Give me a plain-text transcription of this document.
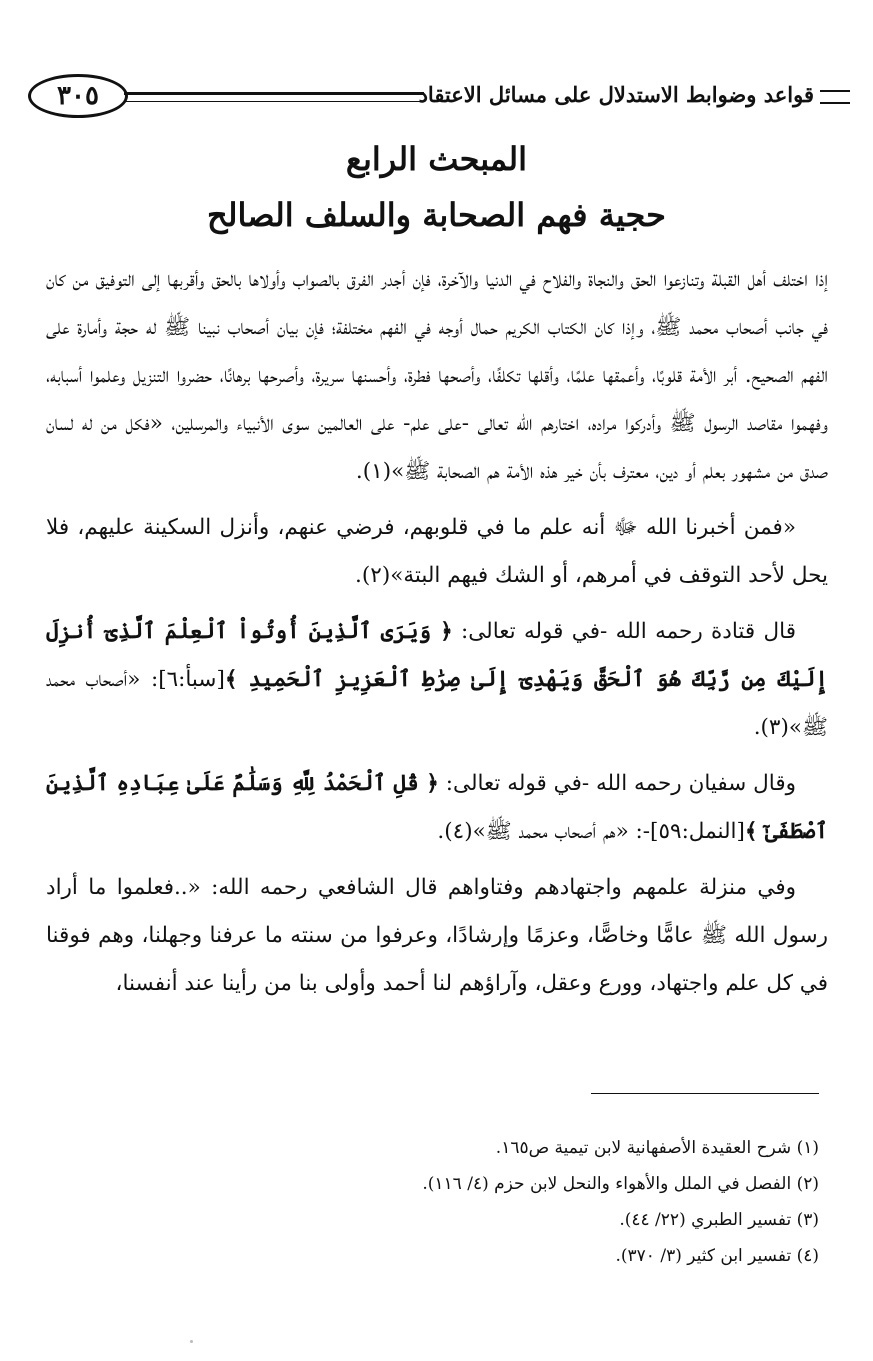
٣٠٥	قواعد وضوابط الاستدلال على مسائل الاعتقاد
المبحث الرابع
حجية فهم الصحابة والسلف الصالح

إذا اختلف أهل القبلة وتنازعوا الحق والنجاة والفلاح في الدنيا والآخرة، فإن أجدر الفرق بالصواب وأولاها بالحق وأقربها إلى التوفيق من كان في جانب أصحاب محمد ﷺ، وإذا كان الكتاب الكريم حمال أوجه في الفهم مختلفة؛ فإن بيان أصحاب نبينا ﷺ له حجة وأمارة على الفهم الصحيح. أبر الأمة قلوبًا، وأعمقها علمًا، وأقلها تكلفًا، وأصحها فطرة، وأحسنها سريرة، وأصرحها برهانًا، حضروا التنزيل وعلموا أسبابه، وفهموا مقاصد الرسول ﷺ وأدركوا مراده، اختارهم الله تعالى -على علم- على العالمين سوى الأنبياء والمرسلين، «فكل من له لسان صدق من مشهور بعلم أو دين، معترف بأن خير هذه الأمة هم الصحابة ﷺ»(١).

«فمن أخبرنا الله ﷻ أنه علم ما في قلوبهم، فرضي عنهم، وأنزل السكينة عليهم، فلا يحل لأحد التوقف في أمرهم، أو الشك فيهم البتة»(٢).

قال قتادة رحمه الله -في قوله تعالى: ﴿ وَيَرَى ٱلَّذِينَ أُوتُواْ ٱلْعِلْمَ ٱلَّذِىٓ أُنزِلَ إِلَيْكَ مِن رَّبِّكَ هُوَ ٱلْحَقَّ وَيَهْدِىٓ إِلَىٰ صِرَٰطِ ٱلْعَزِيزِ ٱلْحَمِيدِ ﴾[سبأ:٦]: «أصحاب محمد ﷺ»(٣).

وقال سفيان رحمه الله -في قوله تعالى: ﴿ قُلِ ٱلْحَمْدُ لِلَّهِ وَسَلَٰمٌ عَلَىٰ عِبَادِهِ ٱلَّذِينَ ٱصْطَفَىٰٓ ﴾[النمل:٥٩]-: «هم أصحاب محمد ﷺ»(٤).

وفي منزلة علمهم واجتهادهم وفتاواهم قال الشافعي رحمه الله: «..فعلموا ما أراد رسول الله ﷺ عامًّا وخاصًّا، وعزمًا وإرشادًا، وعرفوا من سنته ما عرفنا وجهلنا، وهم فوقنا في كل علم واجتهاد، وورع وعقل، وآراؤهم لنا أحمد وأولى بنا من رأينا عند أنفسنا،

(١) شرح العقيدة الأصفهانية لابن تيمية ص١٦٥.
(٢) الفصل في الملل والأهواء والنحل لابن حزم (٤/ ١١٦).
(٣) تفسير الطبري (٢٢/ ٤٤).
(٤) تفسير ابن كثير (٣/ ٣٧٠).
